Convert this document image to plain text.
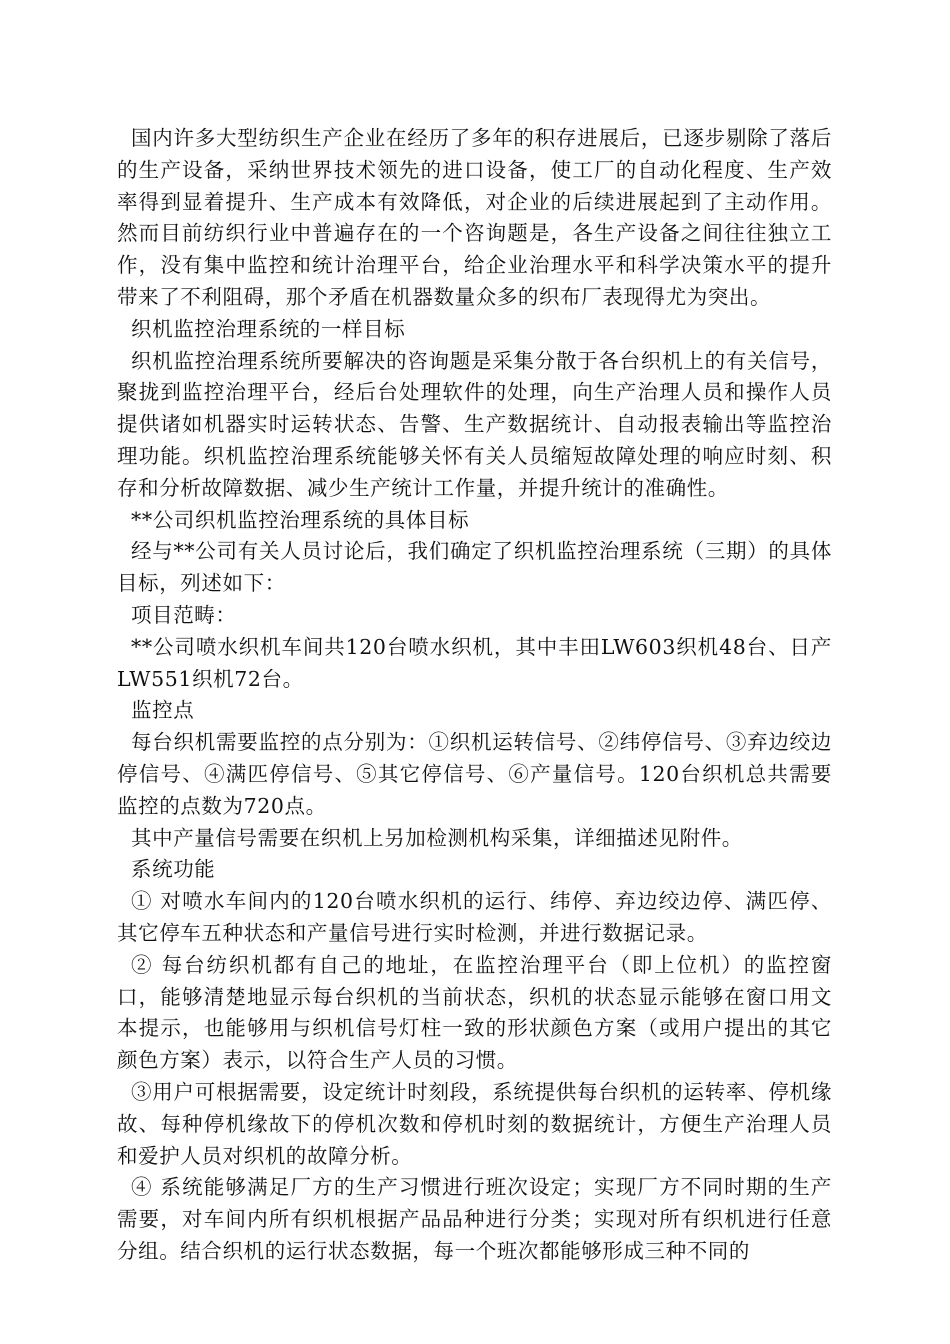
国内许多大型纺织生产企业在经历了多年的积存进展后，已逐步剔除了落后的生产设备，采纳世界技术领先的进口设备，使工厂的自动化程度、生产效率得到显着提升、生产成本有效降低，对企业的后续进展起到了主动作用。然而目前纺织行业中普遍存在的一个咨询题是，各生产设备之间往往独立工作，没有集中监控和统计治理平台，给企业治理水平和科学决策水平的提升带来了不利阻碍，那个矛盾在机器数量众多的织布厂表现得尤为突出。

织机监控治理系统的一样目标

织机监控治理系统所要解决的咨询题是采集分散于各台织机上的有关信号，聚拢到监控治理平台，经后台处理软件的处理，向生产治理人员和操作人员提供诸如机器实时运转状态、告警、生产数据统计、自动报表输出等监控治理功能。织机监控治理系统能够关怀有关人员缩短故障处理的响应时刻、积存和分析故障数据、减少生产统计工作量，并提升统计的准确性。

**公司织机监控治理系统的具体目标

经与**公司有关人员讨论后，我们确定了织机监控治理系统（三期）的具体目标，列述如下：

项目范畴：

**公司喷水织机车间共120台喷水织机，其中丰田LW603织机48台、日产LW551织机72台。

监控点

每台织机需要监控的点分别为：①织机运转信号、②纬停信号、③弃边绞边停信号、④满匹停信号、⑤其它停信号、⑥产量信号。120台织机总共需要监控的点数为720点。

其中产量信号需要在织机上另加检测机构采集，详细描述见附件。

系统功能

① 对喷水车间内的120台喷水织机的运行、纬停、弃边绞边停、满匹停、其它停车五种状态和产量信号进行实时检测，并进行数据记录。

② 每台纺织机都有自己的地址，在监控治理平台（即上位机）的监控窗口，能够清楚地显示每台织机的当前状态，织机的状态显示能够在窗口用文本提示，也能够用与织机信号灯柱一致的形状颜色方案（或用户提出的其它颜色方案）表示，以符合生产人员的习惯。

③用户可根据需要，设定统计时刻段，系统提供每台织机的运转率、停机缘故、每种停机缘故下的停机次数和停机时刻的数据统计，方便生产治理人员和爱护人员对织机的故障分析。

④ 系统能够满足厂方的生产习惯进行班次设定；实现厂方不同时期的生产需要，对车间内所有织机根据产品品种进行分类；实现对所有织机进行任意分组。结合织机的运行状态数据，每一个班次都能够形成三种不同的
